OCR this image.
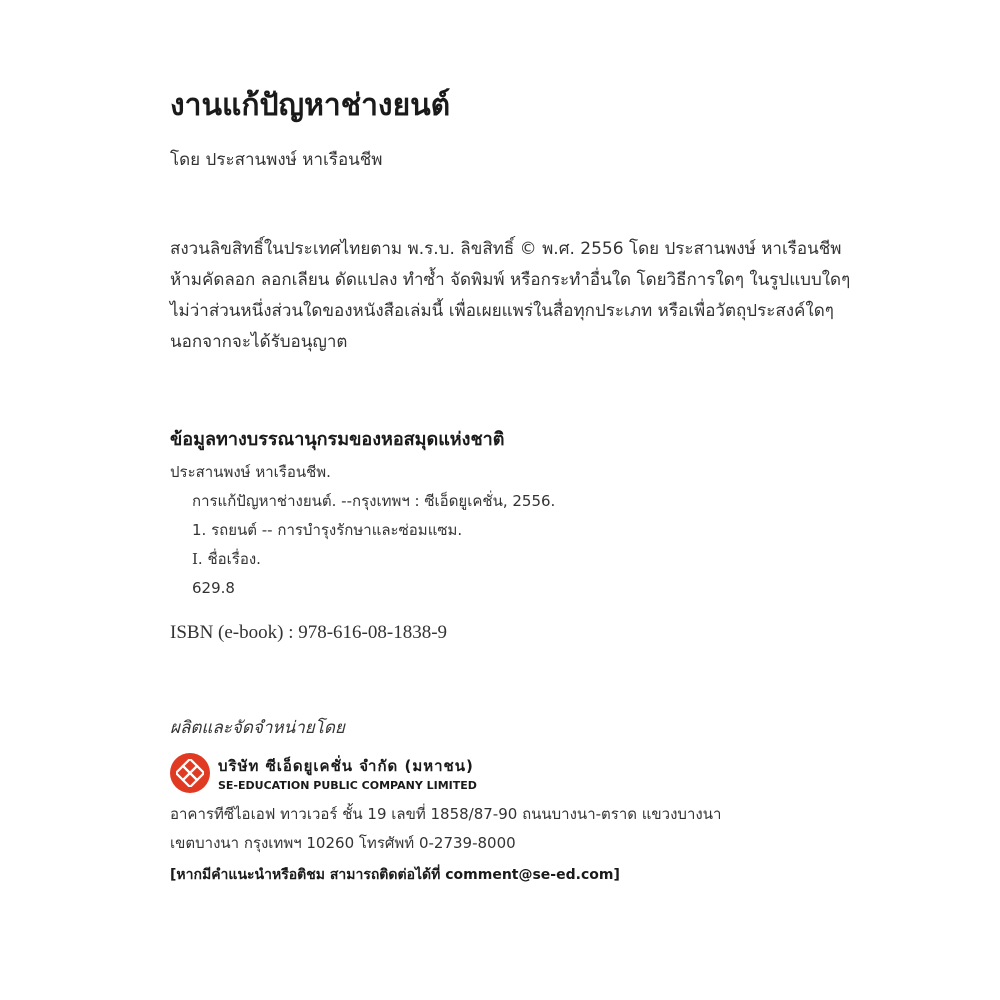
งานแก้ปัญหาช่างยนต์
โดย ประสานพงษ์ หาเรือนชีพ
สงวนลิขสิทธิ์ในประเทศไทยตาม พ.ร.บ. ลิขสิทธิ์ © พ.ศ. 2556 โดย ประสานพงษ์ หาเรือนชีพ
ห้ามคัดลอก ลอกเลียน ดัดแปลง ทำซ้ำ จัดพิมพ์ หรือกระทำอื่นใด โดยวิธีการใดๆ ในรูปแบบใดๆ
ไม่ว่าส่วนหนึ่งส่วนใดของหนังสือเล่มนี้ เพื่อเผยแพร่ในสื่อทุกประเภท หรือเพื่อวัตถุประสงค์ใดๆ
นอกจากจะได้รับอนุญาต
ข้อมูลทางบรรณานุกรมของหอสมุดแห่งชาติ
ประสานพงษ์ หาเรือนชีพ.
การแก้ปัญหาช่างยนต์. --กรุงเทพฯ : ซีเอ็ดยูเคชั่น, 2556.
1. รถยนต์ -- การบำรุงรักษาและซ่อมแซม.
I. ชื่อเรื่อง.
629.8
ISBN (e-book) : 978-616-08-1838-9
ผลิตและจัดจำหน่ายโดย
บริษัท ซีเอ็ดยูเคชั่น จำกัด (มหาชน)
SE-EDUCATION PUBLIC COMPANY LIMITED
อาคารทีซีไอเอฟ ทาวเวอร์ ชั้น 19 เลขที่ 1858/87-90 ถนนบางนา-ตราด แขวงบางนา
เขตบางนา กรุงเทพฯ 10260 โทรศัพท์ 0-2739-8000
[หากมีคำแนะนำหรือติชม สามารถติดต่อได้ที่ comment@se-ed.com]
